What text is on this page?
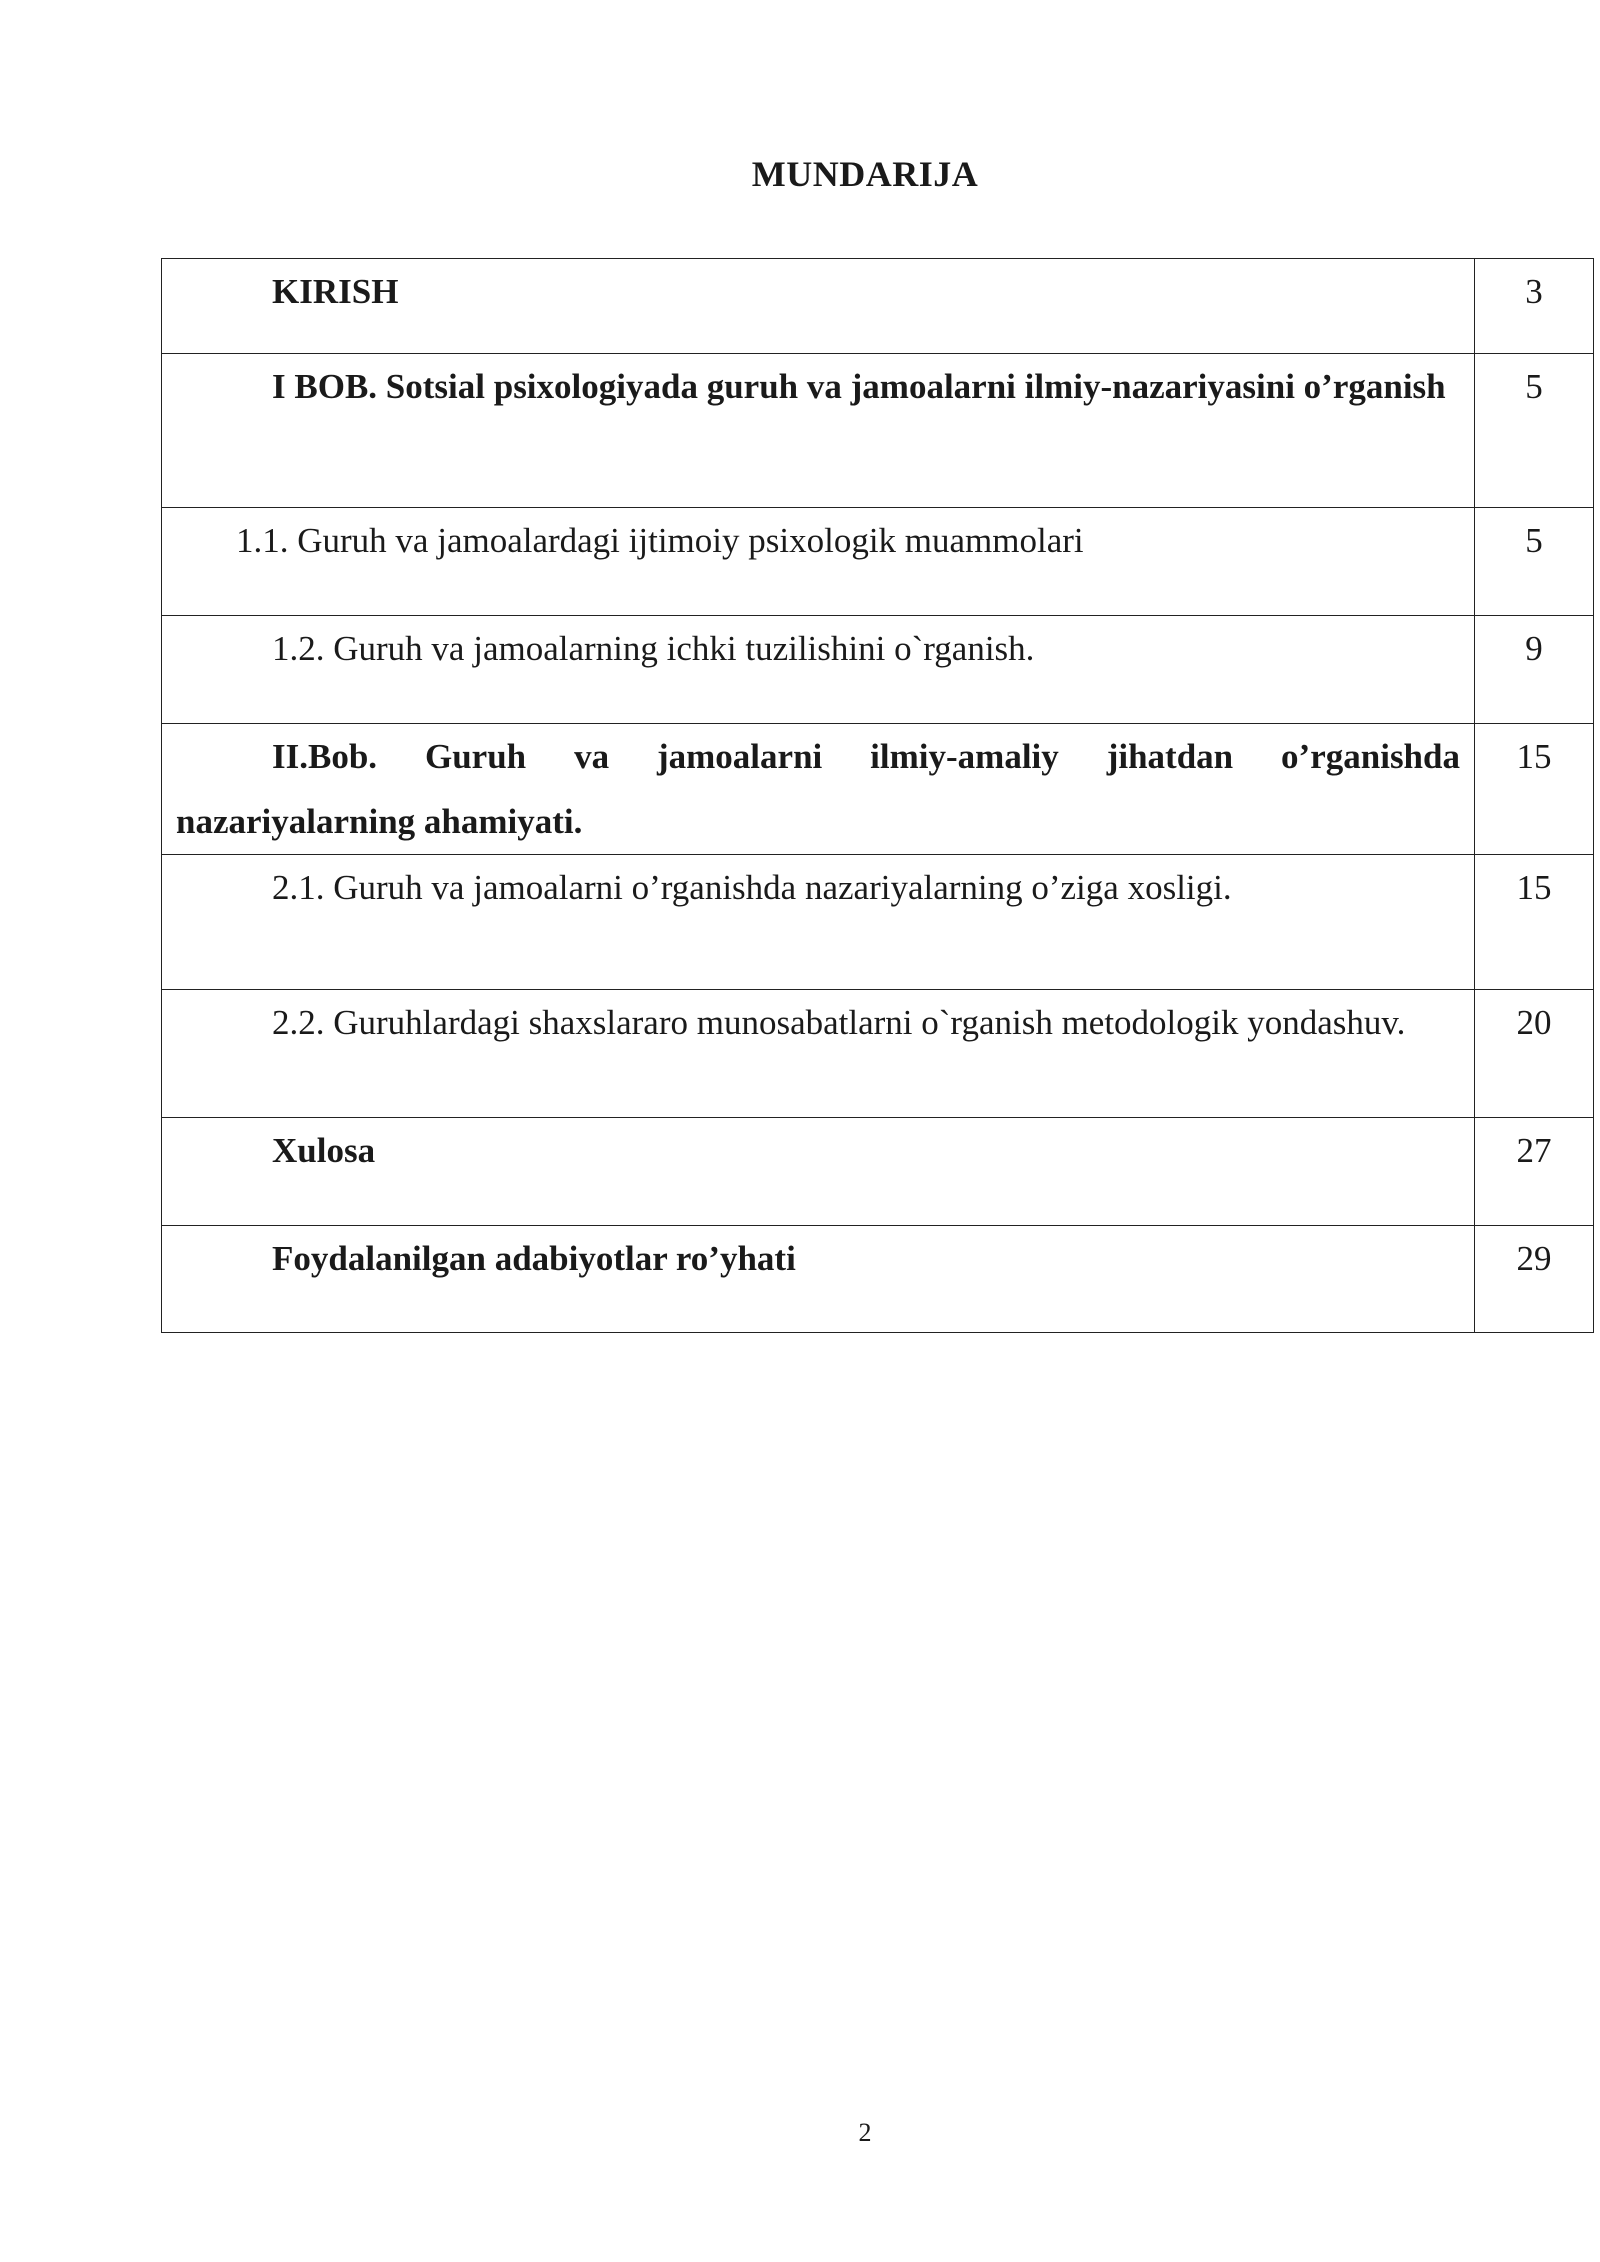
MUNDARIJA
KIRISH	3
I BOB. Sotsial psixologiyada guruh va jamoalarni ilmiy-nazariyasini o’rganish	5
1.1. Guruh va jamoalardagi ijtimoiy psixologik muammolari	5
1.2. Guruh va jamoalarning ichki tuzilishini o`rganish.	9
II.Bob. Guruh va jamoalarni ilmiy-amaliy jihatdan o’rganishda nazariyalarning ahamiyati.	15
2.1. Guruh va jamoalarni o’rganishda nazariyalarning o’ziga xosligi.	15
2.2. Guruhlardagi shaxslararo munosabatlarni o`rganish metodologik yondashuv.	20
Xulosa	27
Foydalanilgan adabiyotlar ro’yhati	29
2
